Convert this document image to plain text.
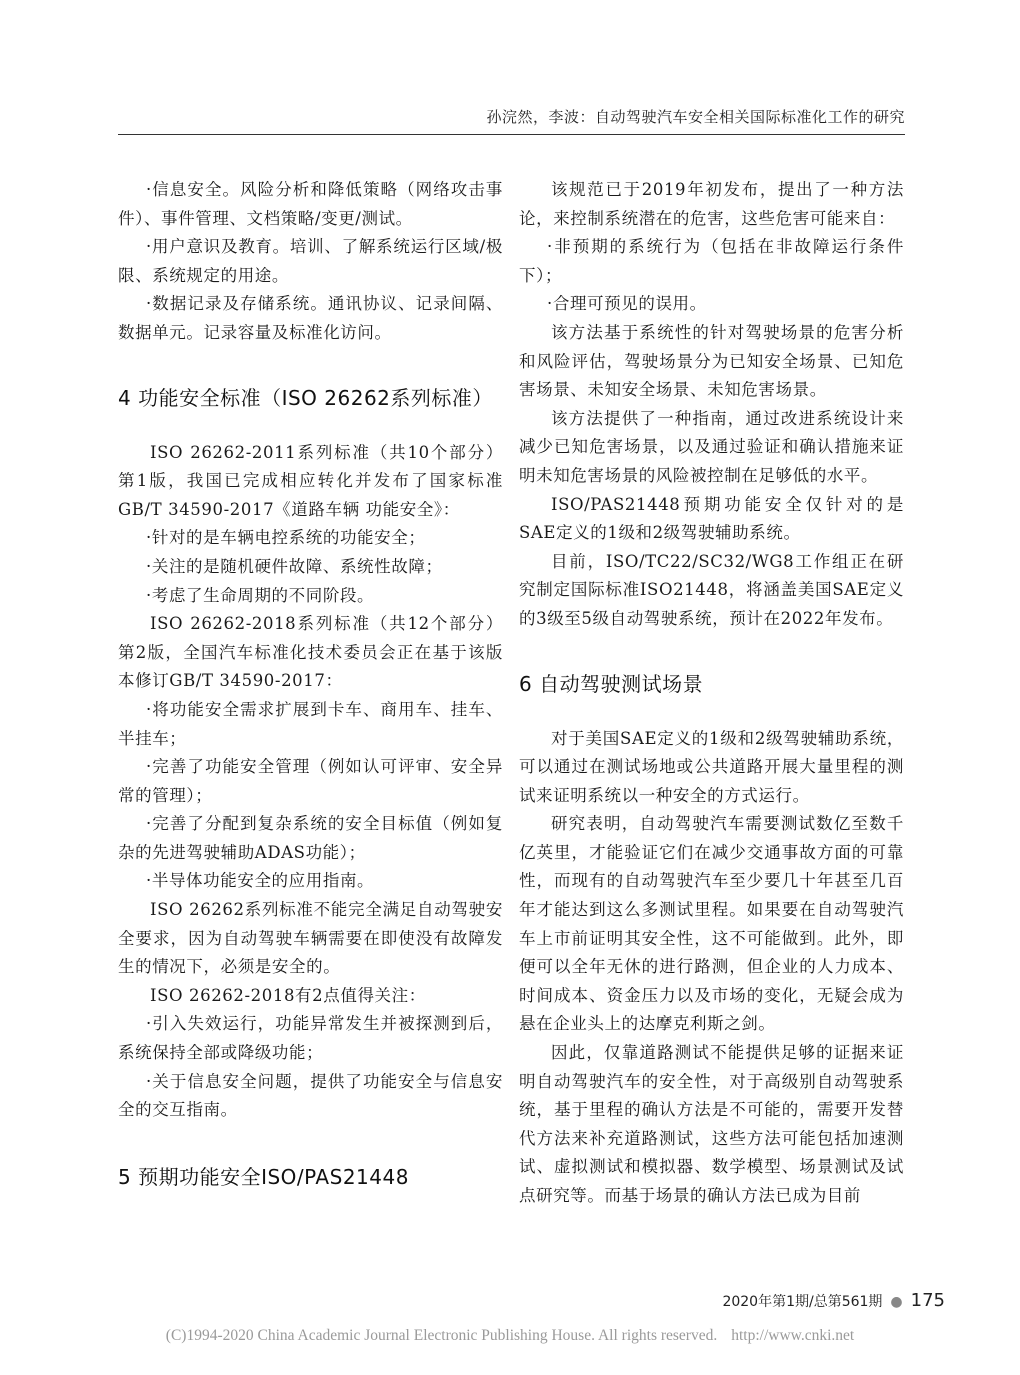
孙浣然，李波：自动驾驶汽车安全相关国际标准化工作的研究

·信息安全。风险分析和降低策略（网络攻击事件）、事件管理、文档策略/变更/测试。

·用户意识及教育。培训、了解系统运行区域/极限、系统规定的用途。

·数据记录及存储系统。通讯协议、记录间隔、数据单元。记录容量及标准化访问。

4 功能安全标准（ISO 26262系列标准）

ISO 26262-2011系列标准（共10个部分）第1版，我国已完成相应转化并发布了国家标准GB/T 34590-2017《道路车辆 功能安全》：

·针对的是车辆电控系统的功能安全；

·关注的是随机硬件故障、系统性故障；

·考虑了生命周期的不同阶段。

ISO 26262-2018系列标准（共12个部分）第2版，全国汽车标准化技术委员会正在基于该版本修订GB/T 34590-2017：

·将功能安全需求扩展到卡车、商用车、挂车、半挂车；

·完善了功能安全管理（例如认可评审、安全异常的管理）；

·完善了分配到复杂系统的安全目标值（例如复杂的先进驾驶辅助ADAS功能）；

·半导体功能安全的应用指南。

ISO 26262系列标准不能完全满足自动驾驶安全要求，因为自动驾驶车辆需要在即使没有故障发生的情况下，必须是安全的。

ISO 26262-2018有2点值得关注：

·引入失效运行，功能异常发生并被探测到后，系统保持全部或降级功能；

·关于信息安全问题，提供了功能安全与信息安全的交互指南。

5 预期功能安全ISO/PAS21448

该规范已于2019年初发布，提出了一种方法论，来控制系统潜在的危害，这些危害可能来自：

·非预期的系统行为（包括在非故障运行条件下）；

·合理可预见的误用。

该方法基于系统性的针对驾驶场景的危害分析和风险评估，驾驶场景分为已知安全场景、已知危害场景、未知安全场景、未知危害场景。

该方法提供了一种指南，通过改进系统设计来减少已知危害场景，以及通过验证和确认措施来证明未知危害场景的风险被控制在足够低的水平。

ISO/PAS21448预期功能安全仅针对的是SAE定义的1级和2级驾驶辅助系统。

目前，ISO/TC22/SC32/WG8工作组正在研究制定国际标准ISO21448，将涵盖美国SAE定义的3级至5级自动驾驶系统，预计在2022年发布。

6 自动驾驶测试场景

对于美国SAE定义的1级和2级驾驶辅助系统，可以通过在测试场地或公共道路开展大量里程的测试来证明系统以一种安全的方式运行。

研究表明，自动驾驶汽车需要测试数亿至数千亿英里，才能验证它们在减少交通事故方面的可靠性，而现有的自动驾驶汽车至少要几十年甚至几百年才能达到这么多测试里程。如果要在自动驾驶汽车上市前证明其安全性，这不可能做到。此外，即便可以全年无休的进行路测，但企业的人力成本、时间成本、资金压力以及市场的变化，无疑会成为悬在企业头上的达摩克利斯之剑。

因此，仅靠道路测试不能提供足够的证据来证明自动驾驶汽车的安全性，对于高级别自动驾驶系统，基于里程的确认方法是不可能的，需要开发替代方法来补充道路测试，这些方法可能包括加速测试、虚拟测试和模拟器、数学模型、场景测试及试点研究等。而基于场景的确认方法已成为目前

2020年第1期/总第561期 ● 175
(C)1994-2020 China Academic Journal Electronic Publishing House. All rights reserved. http://www.cnki.net
